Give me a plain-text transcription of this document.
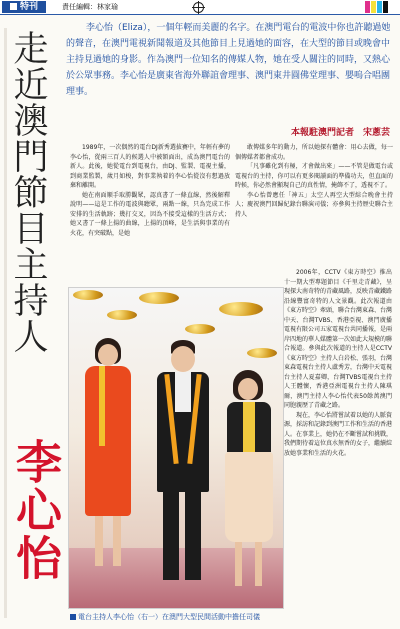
特刊	責任編輯：林家瑜
走近澳門節目主持人
李心怡
李心怡（Eliza），一個年輕而美麗的名字。在澳門電台的電波中你也許聽過她的聲音，在澳門電視新聞報道及其他節目上見過她的面容，在大型的節目或晚會中主持見過她的身影。作為澳門一位知名的傳媒人物，她在受人關注的同時，又熱心於公眾事務。李心怡是廣東省海外聯誼會理事、澳門東井圓佛堂理事、嬰嗚合唱團理事。
本報駐澳門記者　宋蔥芸

1989年，一次偶然的電台DJ新秀選拔賽中，年輕有夢的李心怡，從兩三百人的候選人中被額面出，成為澳門電台的新人。此後，她從電台到電視台，由DJ、監製、電視主播，到商業監製，歲月如梭，對事業執着的李心怡從沒有想過放棄和離開。

她在南面顺手取勝觀眾，認真書了一條直線，然後解釋說明——這是工作的電波與聽眾，兩點一線，只為完成工作安排的生活軌跡；幾打交叉，因為不接受這樣的生活方式；她又書了一條上揚的曲線，上揚的頂峰，是生活與事業的有火花，有突破點，是她

敢傳媒多年的動力，所以她探有體會：用心去做，每一個傳媒者都會成功。

「凡事雖化到有極，才會做出來」——不管是做電台或電視台的主持，你可以有更多閱讀面的準備功夫，但直面的時候，你必然會顯現自己的真性情，掩飾不了，透視不了。

李心怡曾應任「神五」太空人再空大型綜合晚會主持人；慶祝澳門回歸紀錄台聯演司儀；亦參與主持歷史聯合主持人

2006年，CCTV《東方時空》推出十一期大型專題節目《千里走青藏》，呈現探大南奇特的青藏風路，反映青藏鐵路沿線豐富奇特的人文景觀。此次報道由《東方時空》牽頭，聯合台灣東森、台灣中天、台灣TVBS、香港亞視、澳門廣播電視有限公司五家電視台共同播報，是兩岸四地的華人媒體第一次如此大規模的聯合報道。參與此次報道的主持人是CCTV《東方時空》主持人白岩松、張羽，台灣東森電視台主持人盧秀芳，台灣中天電視台主持人夏嘉卿，台灣TVBS電視台主持人王體懷，香港亞洲電視台主持人陳琪爾，澳門主持人李心怡代表50餘萬澳門同胞親歷了青藏之路。

現在，李心怡將嘗試着以她的人脈資源，採訪和記錄到澳門工作和生活的香港人。在事業上，她仍在不斷嘗試和挑戰，我們期待着這位真水無香的女子，繼續綻放她事業和生活的火花。

電台主持人李心怡（右一）在澳門大型民間活動中擔任司儀
